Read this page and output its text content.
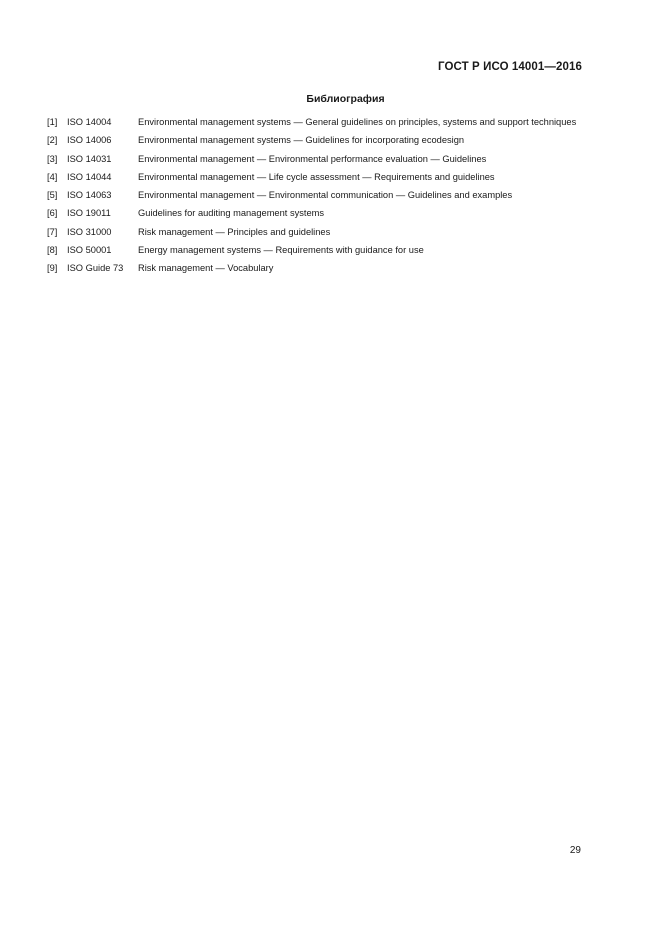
ГОСТ Р ИСО 14001—2016
Библиография
[1]	ISO 14004	Environmental management systems — General guidelines on principles, systems and support techniques
[2]	ISO 14006	Environmental management systems — Guidelines for incorporating ecodesign
[3]	ISO 14031	Environmental management — Environmental performance evaluation — Guidelines
[4]	ISO 14044	Environmental management — Life cycle assessment — Requirements and guidelines
[5]	ISO 14063	Environmental management — Environmental communication — Guidelines and examples
[6]	ISO 19011	Guidelines for auditing management systems
[7]	ISO 31000	Risk management — Principles and guidelines
[8]	ISO 50001	Energy management systems — Requirements with guidance for use
[9]	ISO Guide 73	Risk management — Vocabulary
29
